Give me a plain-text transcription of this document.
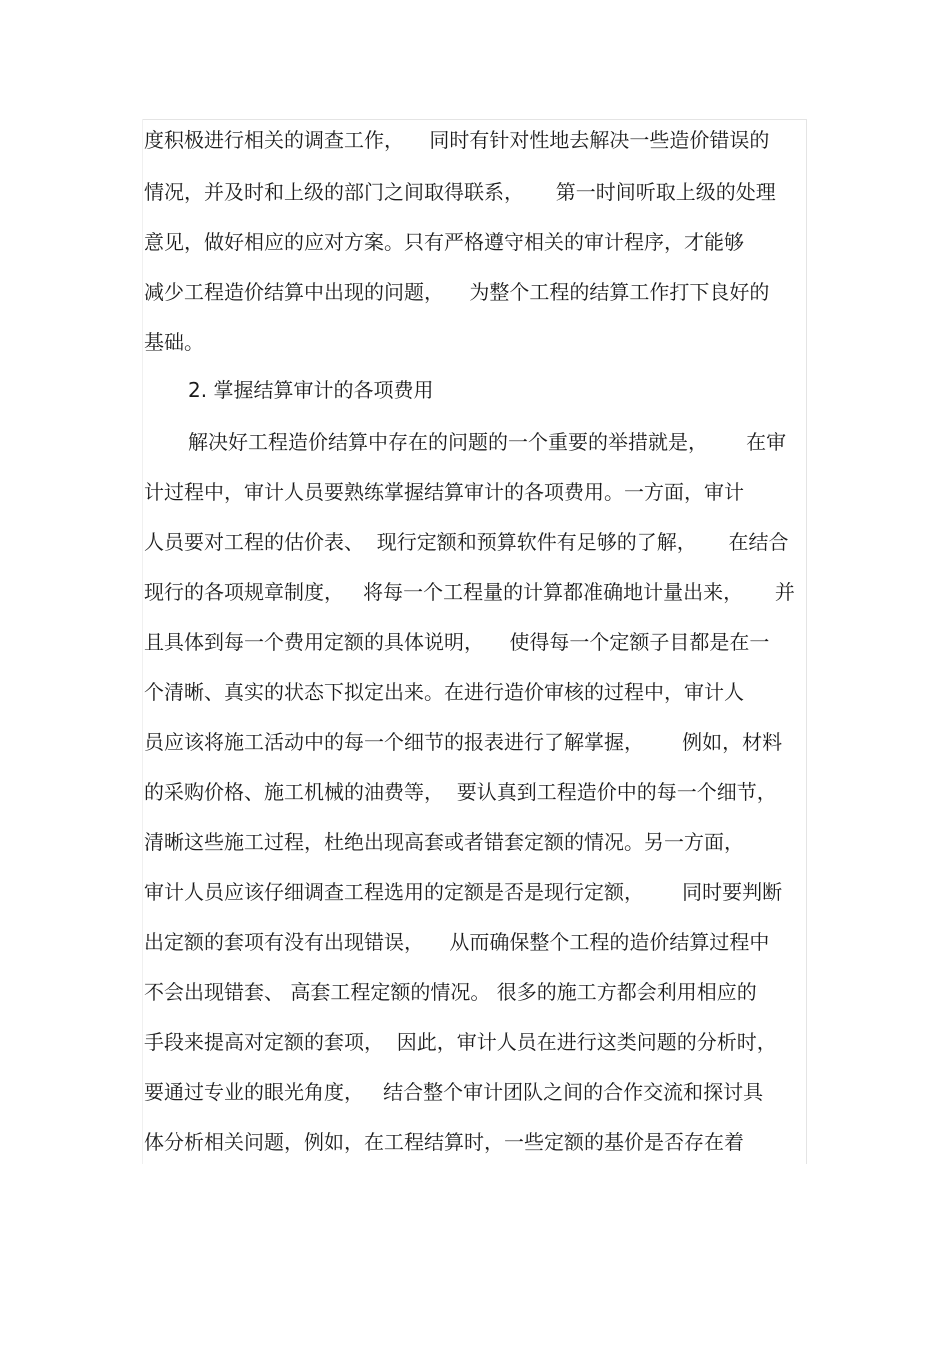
度积极进行相关的调查工作，    同时有针对性地去解决一些造价错误的
情况，并及时和上级的部门之间取得联系，     第一时间听取上级的处理
意见，做好相应的应对方案。只有严格遵守相关的审计程序，才能够
减少工程造价结算中出现的问题，    为整个工程的结算工作打下良好的
基础。
2. 掌握结算审计的各项费用
解决好工程造价结算中存在的问题的一个重要的举措就是，      在审
计过程中，审计人员要熟练掌握结算审计的各项费用。一方面，审计
人员要对工程的估价表、  现行定额和预算软件有足够的了解，     在结合
现行的各项规章制度，   将每一个工程量的计算都准确地计量出来，     并
且具体到每一个费用定额的具体说明，    使得每一个定额子目都是在一
个清晰、真实的状态下拟定出来。在进行造价审核的过程中，审计人
员应该将施工活动中的每一个细节的报表进行了解掌握，      例如，材料
的采购价格、施工机械的油费等，  要认真到工程造价中的每一个细节，
清晰这些施工过程，杜绝出现高套或者错套定额的情况。另一方面，
审计人员应该仔细调查工程选用的定额是否是现行定额，      同时要判断
出定额的套项有没有出现错误，    从而确保整个工程的造价结算过程中
不会出现错套、 高套工程定额的情况。 很多的施工方都会利用相应的
手段来提高对定额的套项，  因此，审计人员在进行这类问题的分析时，
要通过专业的眼光角度，   结合整个审计团队之间的合作交流和探讨具
体分析相关问题，例如，在工程结算时，一些定额的基价是否存在着
